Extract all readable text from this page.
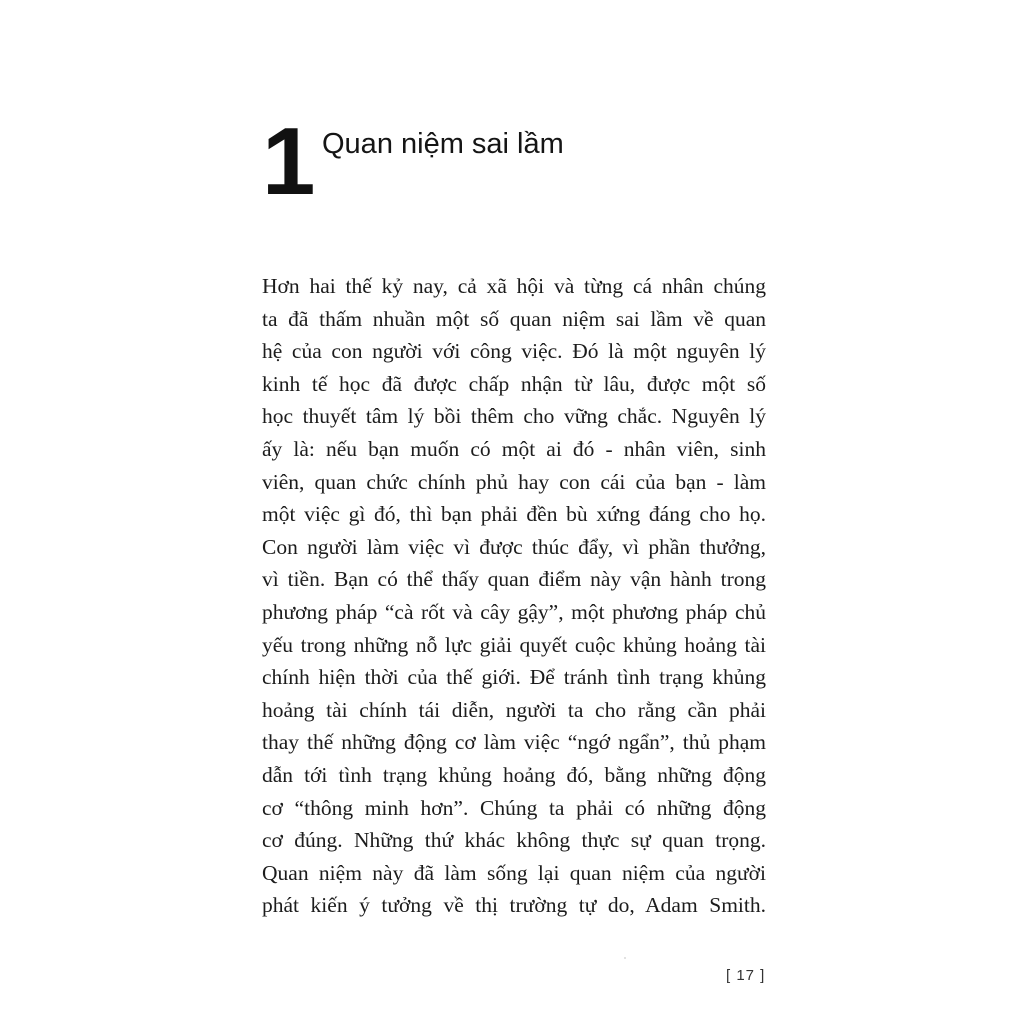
1 Quan niệm sai lầm
Hơn hai thế kỷ nay, cả xã hội và từng cá nhân chúng
ta đã thấm nhuần một số quan niệm sai lầm về quan
hệ của con người với công việc. Đó là một nguyên lý
kinh tế học đã được chấp nhận từ lâu, được một số
học thuyết tâm lý bồi thêm cho vững chắc. Nguyên lý
ấy là: nếu bạn muốn có một ai đó - nhân viên, sinh
viên, quan chức chính phủ hay con cái của bạn - làm
một việc gì đó, thì bạn phải đền bù xứng đáng cho họ.
Con người làm việc vì được thúc đẩy, vì phần thưởng,
vì tiền. Bạn có thể thấy quan điểm này vận hành trong
phương pháp “cà rốt và cây gậy”, một phương pháp chủ
yếu trong những nỗ lực giải quyết cuộc khủng hoảng tài
chính hiện thời của thế giới. Để tránh tình trạng khủng
hoảng tài chính tái diễn, người ta cho rằng cần phải
thay thế những động cơ làm việc “ngớ ngẩn”, thủ phạm
dẫn tới tình trạng khủng hoảng đó, bằng những động
cơ “thông minh hơn”. Chúng ta phải có những động
cơ đúng. Những thứ khác không thực sự quan trọng.
Quan niệm này đã làm sống lại quan niệm của người
phát kiến ý tưởng về thị trường tự do, Adam Smith.
[ 17 ]
